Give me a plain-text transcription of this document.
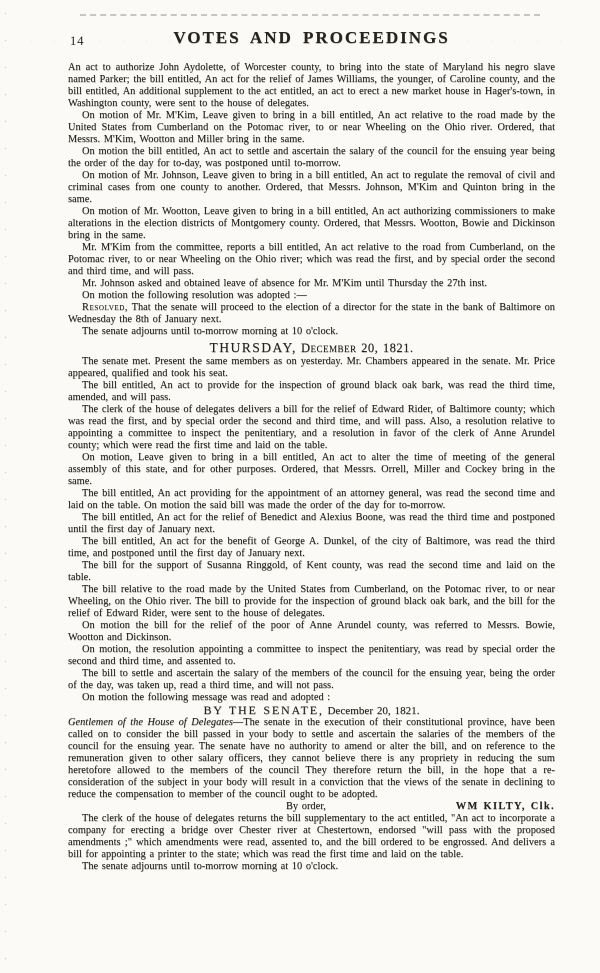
14	VOTES AND PROCEEDINGS

An act to authorize John Aydolette, of Worcester county, to bring into the state of Maryland his negro slave named Parker; the bill entitled, An act for the relief of James Williams, the younger, of Caroline county, and the bill entitled, An additional supplement to the act entitled, an act to erect a new market house in Hager's-town, in Washington county, were sent to the house of delegates.

On motion of Mr. M'Kim, Leave given to bring in a bill entitled, An act relative to the road made by the United States from Cumberland on the Potomac river, to or near Wheeling on the Ohio river. Ordered, that Messrs. M'Kim, Wootton and Miller bring in the same.

On motion the bill entitled, An act to settle and ascertain the salary of the council for the ensuing year being the order of the day for to-day, was postponed until to-morrow.

On motion of Mr. Johnson, Leave given to bring in a bill entitled, An act to regulate the removal of civil and criminal cases from one county to another. Ordered, that Messrs. Johnson, M'Kim and Quinton bring in the same.

On motion of Mr. Wootton, Leave given to bring in a bill entitled, An act authorizing commissioners to make alterations in the election districts of Montgomery county. Ordered, that Messrs. Wootton, Bowie and Dickinson bring in the same.

Mr. M'Kim from the committee, reports a bill entitled, An act relative to the road from Cumberland, on the Potomac river, to or near Wheeling on the Ohio river; which was read the first, and by special order the second and third time, and will pass.

Mr. Johnson asked and obtained leave of absence for Mr. M'Kim until Thursday the 27th inst.

On motion the following resolution was adopted :—

Resolved, That the senate will proceed to the election of a director for the state in the bank of Baltimore on Wednesday the 8th of January next.

The senate adjourns until to-morrow morning at 10 o'clock.

THURSDAY, December 20, 1821.

The senate met. Present the same members as on yesterday. Mr. Chambers appeared in the senate. Mr. Price appeared, qualified and took his seat.

The bill entitled, An act to provide for the inspection of ground black oak bark, was read the third time, amended, and will pass.

The clerk of the house of delegates delivers a bill for the relief of Edward Rider, of Baltimore county; which was read the first, and by special order the second and third time, and will pass. Also, a resolution relative to appointing a committee to inspect the penitentiary, and a resolution in favor of the clerk of Anne Arundel county; which were read the first time and laid on the table.

On motion, Leave given to bring in a bill entitled, An act to alter the time of meeting of the general assembly of this state, and for other purposes. Ordered, that Messrs. Orrell, Miller and Cockey bring in the same.

The bill entitled, An act providing for the appointment of an attorney general, was read the second time and laid on the table. On motion the said bill was made the order of the day for to-morrow.

The bill entitled, An act for the relief of Benedict and Alexius Boone, was read the third time and postponed until the first day of January next.

The bill entitled, An act for the benefit of George A. Dunkel, of the city of Baltimore, was read the third time, and postponed until the first day of January next.

The bill for the support of Susanna Ringgold, of Kent county, was read the second time and laid on the table.

The bill relative to the road made by the United States from Cumberland, on the Potomac river, to or near Wheeling, on the Ohio river. The bill to provide for the inspection of ground black oak bark, and the bill for the relief of Edward Rider, were sent to the house of delegates.

On motion the bill for the relief of the poor of Anne Arundel county, was referred to Messrs. Bowie, Wootton and Dickinson.

On motion, the resolution appointing a committee to inspect the penitentiary, was read by special order the second and third time, and assented to.

The bill to settle and ascertain the salary of the members of the council for the ensuing year, being the order of the day, was taken up, read a third time, and will not pass.

On motion the following message was read and adopted :

BY THE SENATE, December 20, 1821.

Gentlemen of the House of Delegates—The senate in the execution of their constitutional province, have been called on to consider the bill passed in your body to settle and ascertain the salaries of the members of the council for the ensuing year. The senate have no authority to amend or alter the bill, and on reference to the remuneration given to other salary officers, they cannot believe there is any propriety in reducing the sum heretofore allowed to the members of the council They therefore return the bill, in the hope that a re-consideration of the subject in your body will result in a conviction that the views of the senate in declining to reduce the compensation to member of the council ought to be adopted.

By order,	WM KILTY, Clk.

The clerk of the house of delegates returns the bill supplementary to the act entitled, "An act to incorporate a company for erecting a bridge over Chester river at Chestertown, endorsed "will pass with the proposed amendments ;" which amendments were read, assented to, and the bill ordered to be engrossed. And delivers a bill for appointing a printer to the state; which was read the first time and laid on the table.

The senate adjourns until to-morrow morning at 10 o'clock.
